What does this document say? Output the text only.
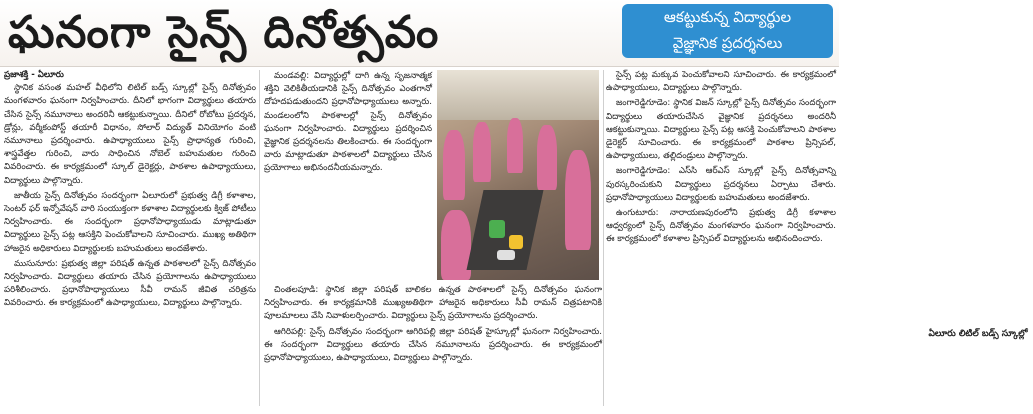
ఘనంగా సైన్స్ దినోత్సవం	ఆకట్టుకున్న విద్యార్థుల
వైజ్ఞానిక ప్రదర్శనలు
ప్రజాశక్తి - ఏలూరు

స్థానిక వసంత మహల్ వీధిలోని లిటిల్ బడ్స్ స్కూల్లో సైన్స్ దినోత్సవం మంగళవారం ఘనంగా నిర్వహించారు. దీనిలో భాగంగా విద్యార్థులు తయారు చేసిన సైన్స్ నమూనాలు అందరినీ ఆకట్టుకున్నాయి. దీనిలో రోబోటు ప్రదర్శన, డ్రోన్లు, వర్మీకంపోస్ట్ తయారీ విధానం, సోలార్ విద్యుత్ వినియోగం వంటి నమూనాలు ప్రదర్శించారు. ఉపాధ్యాయులు సైన్స్ ప్రాధాన్యత గురించి, శాస్త్రవేత్తల గురించి, వారు సాధించిన నోబెల్ బహుమతుల గురించి వివరించారు. ఈ కార్యక్రమంలో స్కూల్ డైరెక్టర్లు, పాఠశాల ఉపాధ్యాయులు, విద్యార్థులు పాల్గొన్నారు.

జాతీయ సైన్స్ దినోత్సవం సందర్భంగా ఏలూరులో ప్రభుత్వ డిగ్రీ కళాశాల, సెంటర్ ఫర్ ఇన్నోవేషన్ వారి సంయుక్తంగా కళాశాల విద్యార్థులకు క్విజ్ పోటీలు నిర్వహించారు. ఈ సందర్భంగా ప్రధానోపాధ్యాయుడు మాట్లాడుతూ విద్యార్థులు సైన్స్ పట్ల ఆసక్తిని పెంచుకోవాలని సూచించారు. ముఖ్య అతిథిగా హాజరైన అధికారులు విద్యార్థులకు బహుమతులు అందజేశారు.

ముసునూరు: ప్రభుత్వ జిల్లా పరిషత్ ఉన్నత పాఠశాలలో సైన్స్ దినోత్సవం నిర్వహించారు. విద్యార్థులు తయారు చేసిన ప్రయోగాలను ఉపాధ్యాయులు పరిశీలించారు. ప్రధానోపాధ్యాయులు సీవీ రామన్ జీవిత చరిత్రను వివరించారు. ఈ కార్యక్రమంలో ఉపాధ్యాయులు, విద్యార్థులు పాల్గొన్నారు.

మండవల్లి: విద్యార్థుల్లో దాగి ఉన్న సృజనాత్మక శక్తిని వెలికితీయడానికి సైన్స్ దినోత్సవం ఎంతగానో దోహదపడుతుందని ప్రధానోపాధ్యాయులు అన్నారు. మండలంలోని పాఠశాలల్లో సైన్స్ దినోత్సవం ఘనంగా నిర్వహించారు. విద్యార్థులు ప్రదర్శించిన వైజ్ఞానిక ప్రదర్శనలను తిలకించారు. ఈ సందర్భంగా వారు మాట్లాడుతూ పాఠశాలలో విద్యార్థులు చేసిన ప్రయోగాలు అభినందనీయమన్నారు.

ఏలూరు లిటిల్ బడ్స్ స్కూల్లో

చింతలపూడి: స్థానిక జిల్లా పరిషత్ బాలికల ఉన్నత పాఠశాలలో సైన్స్ దినోత్సవం ఘనంగా నిర్వహించారు. ఈ కార్యక్రమానికి ముఖ్యఅతిథిగా హాజరైన అధికారులు సీవీ రామన్ చిత్రపటానికి పూలమాలలు వేసి నివాళులర్పించారు. విద్యార్థులు సైన్స్ ప్రయోగాలను ప్రదర్శించారు.

ఆగిరిపల్లి: సైన్స్ దినోత్సవం సందర్భంగా ఆగిరిపల్లి జిల్లా పరిషత్ హైస్కూల్లో ఘనంగా నిర్వహించారు. ఈ సందర్భంగా విద్యార్థులు తయారు చేసిన నమూనాలను ప్రదర్శించారు. ఈ కార్యక్రమంలో ప్రధానోపాధ్యాయులు, ఉపాధ్యాయులు, విద్యార్థులు పాల్గొన్నారు.

సైన్స్ పట్ల మక్కువ పెంచుకోవాలని సూచించారు. ఈ కార్యక్రమంలో ఉపాధ్యాయులు, విద్యార్థులు పాల్గొన్నారు.

జంగారెడ్డిగూడెం: స్థానిక విజన్ స్కూల్లో సైన్స్ దినోత్సవం సందర్భంగా విద్యార్థులు తయారుచేసిన వైజ్ఞానిక ప్రదర్శనలు అందరినీ ఆకట్టుకున్నాయి. విద్యార్థులు సైన్స్ పట్ల ఆసక్తి పెంచుకోవాలని పాఠశాల డైరెక్టర్ సూచించారు. ఈ కార్యక్రమంలో పాఠశాల ప్రిన్సిపల్, ఉపాధ్యాయులు, తల్లిదండ్రులు పాల్గొన్నారు.

జంగారెడ్డిగూడెం: ఎస్‌సి ఆర్‌ఎస్ స్కూల్లో సైన్స్ దినోత్సవాన్ని పురస్కరించుకుని విద్యార్థులు ప్రదర్శనలు ఏర్పాటు చేశారు. ప్రధానోపాధ్యాయులు విద్యార్థులకు బహుమతులు అందజేశారు.

ఉంగుటూరు: నారాయణపురంలోని ప్రభుత్వ డిగ్రీ కళాశాల ఆధ్వర్యంలో సైన్స్ దినోత్సవం మంగళవారం ఘనంగా నిర్వహించారు. ఈ కార్యక్రమంలో కళాశాల ప్రిన్సిపల్ విద్యార్థులను అభినందించారు.
